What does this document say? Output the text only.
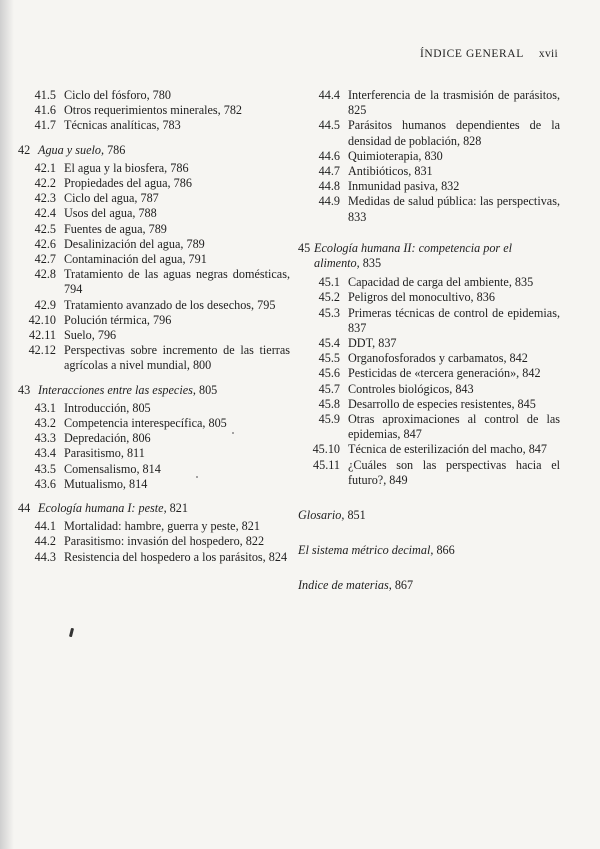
ÍNDICE GENERAL xvii
41.5 Ciclo del fósforo, 780
41.6 Otros requerimientos minerales, 782
41.7 Técnicas analíticas, 783
42 Agua y suelo, 786
42.1 El agua y la biosfera, 786
42.2 Propiedades del agua, 786
42.3 Ciclo del agua, 787
42.4 Usos del agua, 788
42.5 Fuentes de agua, 789
42.6 Desalinización del agua, 789
42.7 Contaminación del agua, 791
42.8 Tratamiento de las aguas negras domésticas, 794
42.9 Tratamiento avanzado de los desechos, 795
42.10 Polución térmica, 796
42.11 Suelo, 796
42.12 Perspectivas sobre incremento de las tierras agrícolas a nivel mundial, 800
43 Interacciones entre las especies, 805
43.1 Introducción, 805
43.2 Competencia interespecífica, 805
43.3 Depredación, 806
43.4 Parasitismo, 811
43.5 Comensalismo, 814
43.6 Mutualismo, 814
44 Ecología humana I: peste, 821
44.1 Mortalidad: hambre, guerra y peste, 821
44.2 Parasitismo: invasión del hospedero, 822
44.3 Resistencia del hospedero a los parásitos, 824
44.4 Interferencia de la trasmisión de parásitos, 825
44.5 Parásitos humanos dependientes de la densidad de población, 828
44.6 Quimioterapia, 830
44.7 Antibióticos, 831
44.8 Inmunidad pasiva, 832
44.9 Medidas de salud pública: las perspectivas, 833
45 Ecología humana II: competencia por el alimento, 835
45.1 Capacidad de carga del ambiente, 835
45.2 Peligros del monocultivo, 836
45.3 Primeras técnicas de control de epidemias, 837
45.4 DDT, 837
45.5 Organofosforados y carbamatos, 842
45.6 Pesticidas de «tercera generación», 842
45.7 Controles biológicos, 843
45.8 Desarrollo de especies resistentes, 845
45.9 Otras aproximaciones al control de las epidemias, 847
45.10 Técnica de esterilización del macho, 847
45.11 ¿Cuáles son las perspectivas hacia el futuro?, 849
Glosario, 851
El sistema métrico decimal, 866
Indice de materias, 867
